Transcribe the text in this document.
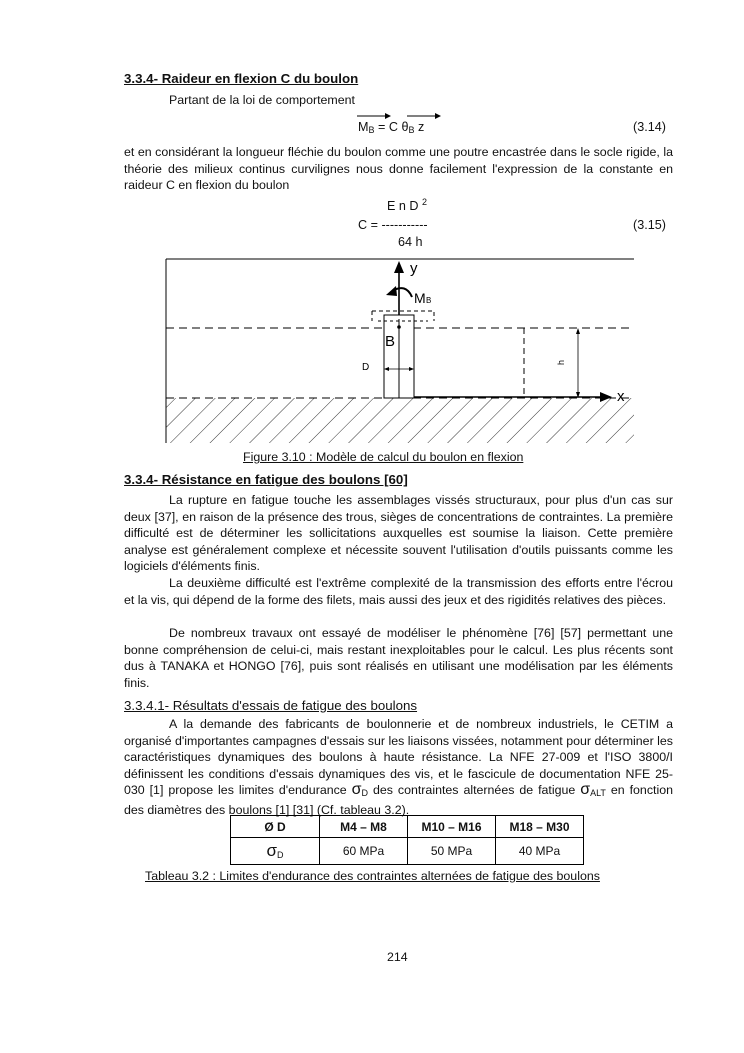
3.3.4- Raideur en flexion C du boulon
Partant de la loi de comportement
$M_B = C$ $\theta_B$ z	(3.14)

et en considérant la longueur fléchie du boulon comme une poutre encastrée dans le socle rigide, la théorie des milieux continus curvilignes nous donne facilement l'expression de la constante en raideur C en flexion du boulon

E n D $^2$
C = -----------
64 h
(3.15)
y
M B
B
D	h
x
Figure 3.10 : Modèle de calcul du boulon en flexion
3.3.4- Résistance en fatigue des boulons [60]

La rupture en fatigue touche les assemblages vissés structuraux, pour plus d'un cas sur deux [37], en raison de la présence des trous, sièges de concentrations de contraintes. La première difficulté est de déterminer les sollicitations auxquelles est soumise la liaison. Cette première analyse est généralement complexe et nécessite souvent l'utilisation d'outils puissants comme les logiciels d'éléments finis.

La deuxième difficulté est l'extrême complexité de la transmission des efforts entre l'écrou et la vis, qui dépend de la forme des filets, mais aussi des jeux et des rigidités relatives des pièces.

De nombreux travaux ont essayé de modéliser le phénomène [76] [57] permettant une bonne compréhension de celui-ci, mais restant inexploitables pour le calcul. Les plus récents sont dus à TANAKA et HONGO [76], puis sont réalisés en utilisant une modélisation par les éléments finis.

3.3.4.1- Résultats d'essais de fatigue des boulons

A la demande des fabricants de boulonnerie et de nombreux industriels, le CETIM a organisé d'importantes campagnes d'essais sur les liaisons vissées, notamment pour déterminer les caractéristiques dynamiques des boulons à haute résistance. La NFE 27-009 et l'ISO 3800/I définissent les conditions d'essais dynamiques des vis, et le fascicule de documentation NFE 25-030 [1] propose les limites d'endurance $\sigma_D$ des contraintes alternées de fatigue $\sigma_{ALT}$ en fonction des diamètres des boulons [1] [31] (Cf. tableau 3.2).

Ø D	M4 – M8	M10 – M16	M18 – M30
$\sigma_D$	60 MPa	50 MPa	40 MPa
Tableau 3.2 : Limites d'endurance des contraintes alternées de fatigue des boulons
214
